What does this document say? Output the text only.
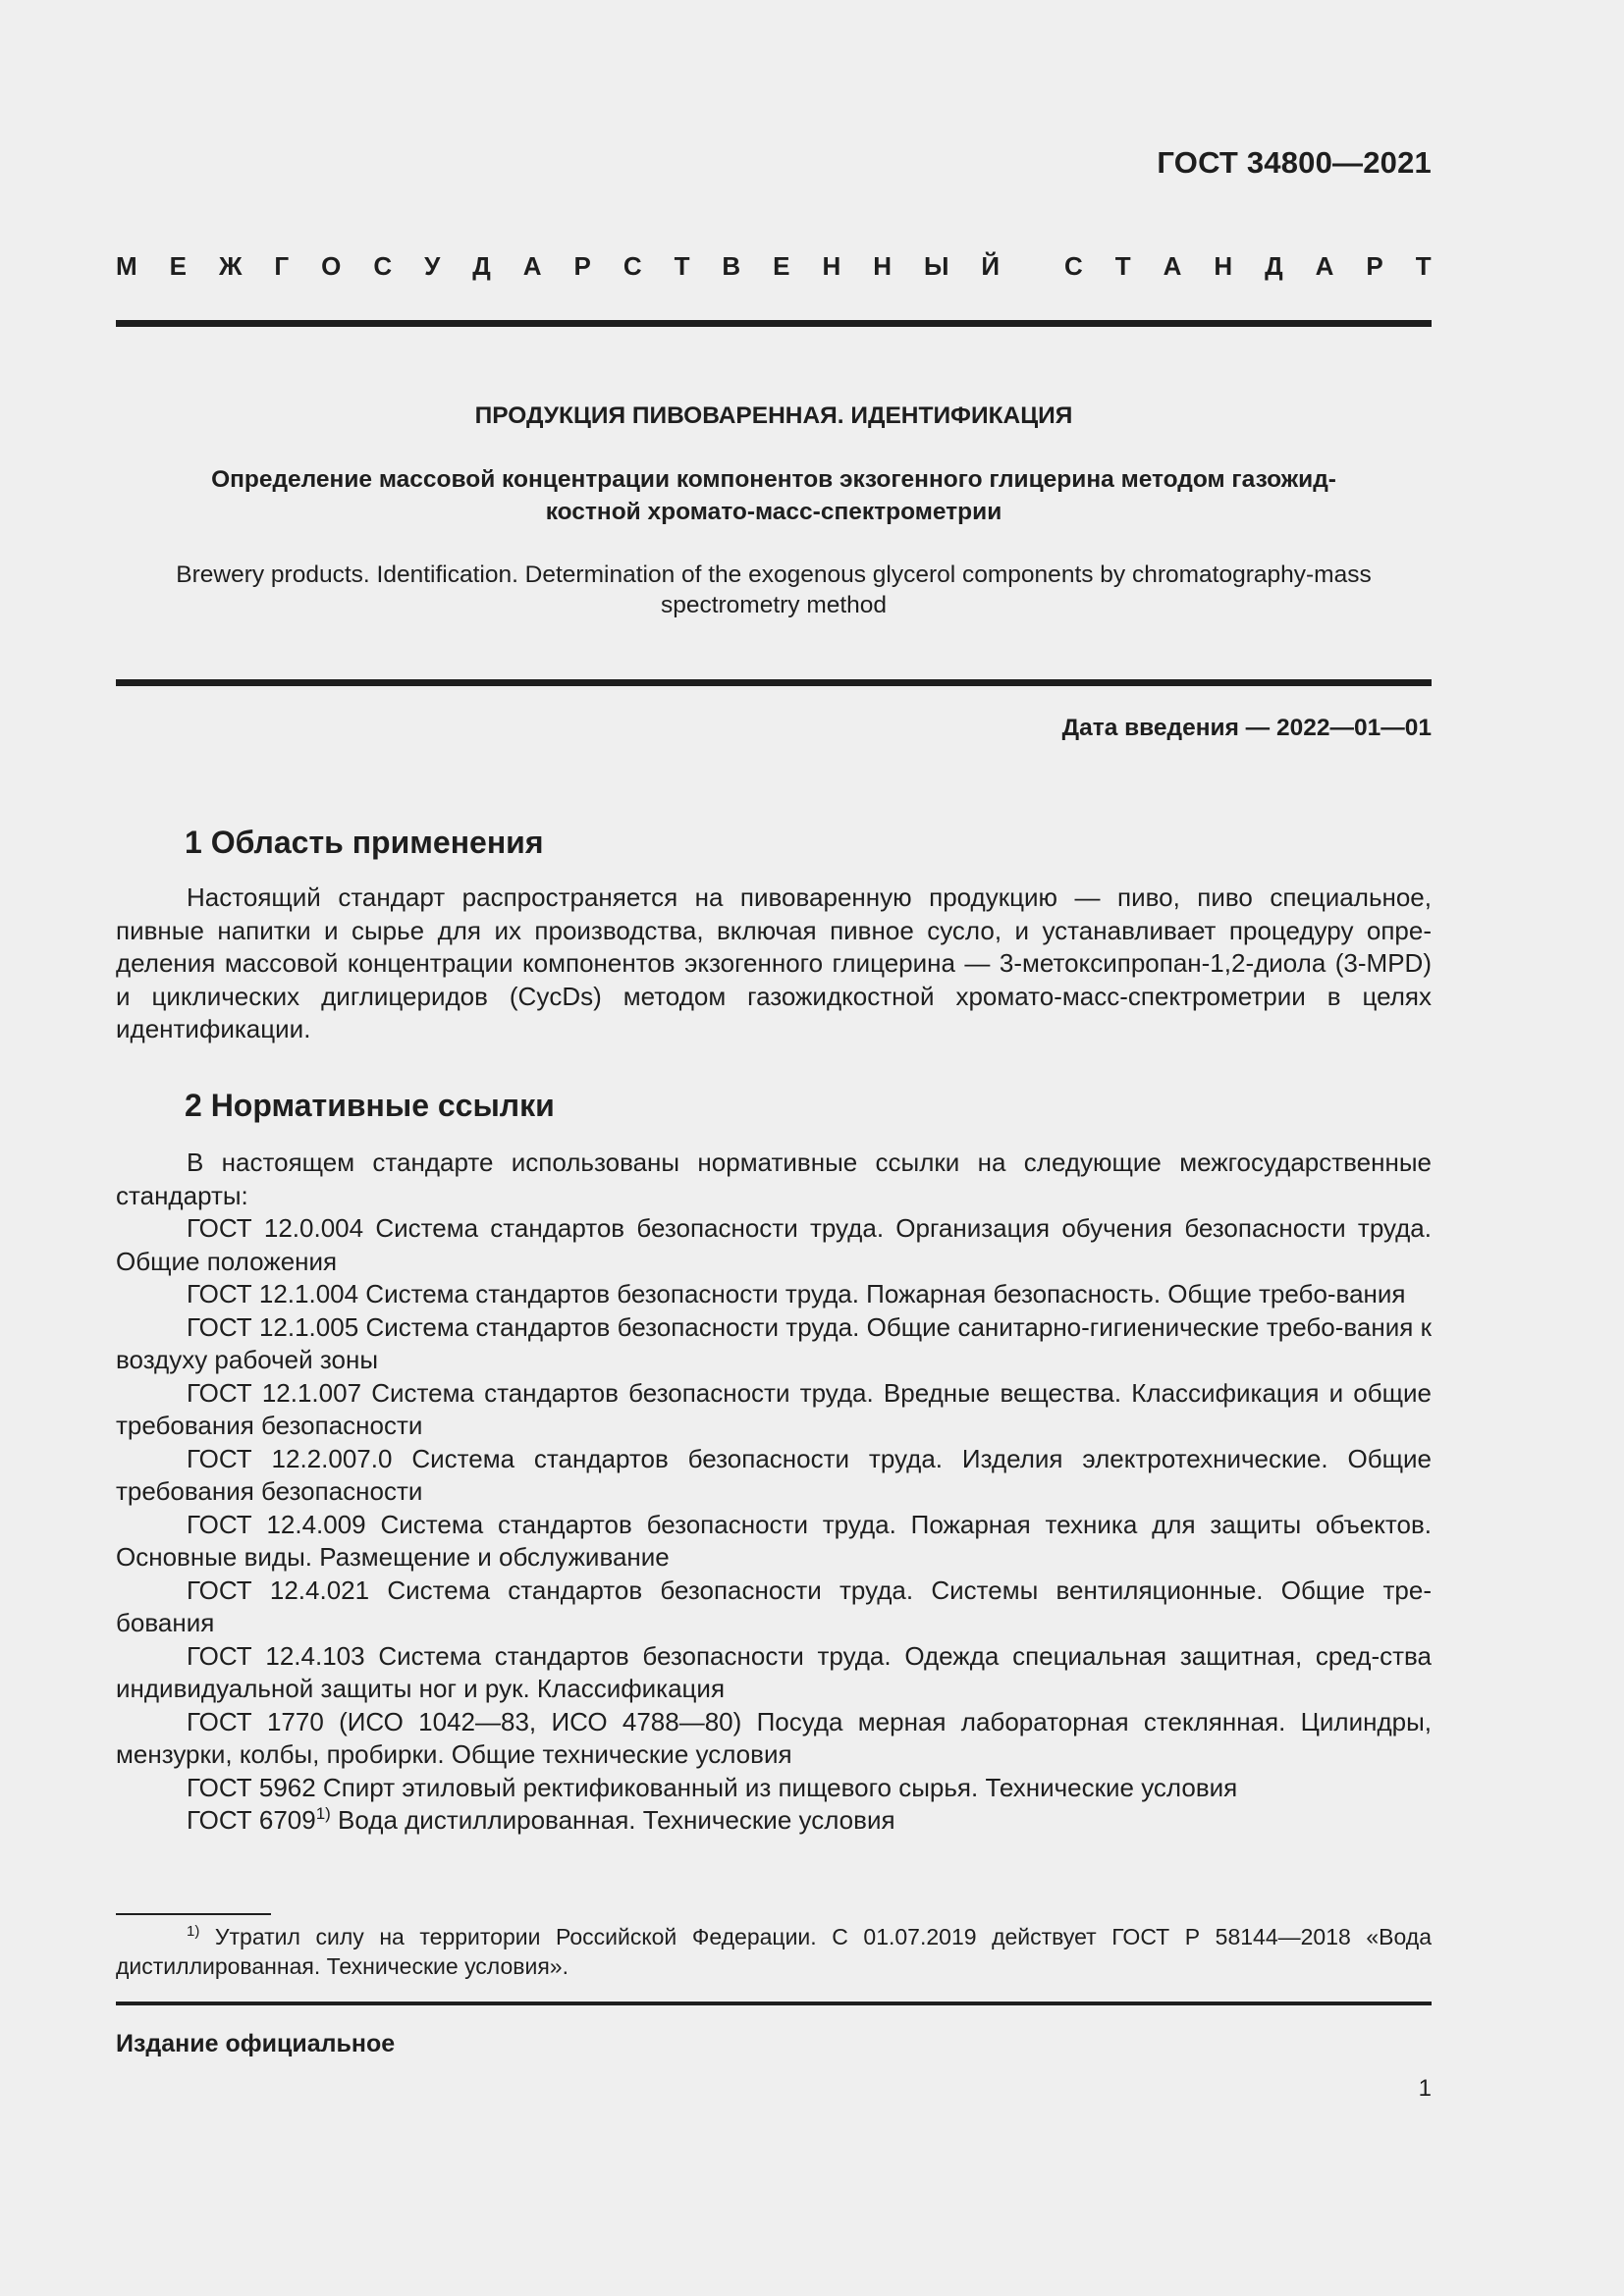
ГОСТ 34800—2021
М Е Ж Г О С У Д А Р С Т В Е Н Н Ы Й	С Т А Н Д А Р Т
ПРОДУКЦИЯ ПИВОВАРЕННАЯ. ИДЕНТИФИКАЦИЯ
Определение массовой концентрации компонентов экзогенного глицерина методом газожид-
костной хромато-масс-спектрометрии
Brewery products. Identification. Determination of the exogenous glycerol components by chromatography-mass
spectrometry method
Дата введения — 2022—01—01
1 Область применения

Настоящий стандарт распространяется на пивоваренную продукцию — пиво, пиво специальное, пивные напитки и сырье для их производства, включая пивное сусло, и устанавливает процедуру опре-деления массовой концентрации компонентов экзогенного глицерина — 3-метоксипропан-1,2-диола (3-MPD) и циклических диглицеридов (CycDs) методом газожидкостной хромато-масс-спектрометрии в целях идентификации.

2 Нормативные ссылки

В настоящем стандарте использованы нормативные ссылки на следующие межгосударственные стандарты:

ГОСТ 12.0.004 Система стандартов безопасности труда. Организация обучения безопасности труда. Общие положения

ГОСТ 12.1.004 Система стандартов безопасности труда. Пожарная безопасность. Общие требо-вания

ГОСТ 12.1.005 Система стандартов безопасности труда. Общие санитарно-гигиенические требо-вания к воздуху рабочей зоны

ГОСТ 12.1.007 Система стандартов безопасности труда. Вредные вещества. Классификация и общие требования безопасности

ГОСТ 12.2.007.0 Система стандартов безопасности труда. Изделия электротехнические. Общие требования безопасности

ГОСТ 12.4.009 Система стандартов безопасности труда. Пожарная техника для защиты объектов. Основные виды. Размещение и обслуживание

ГОСТ 12.4.021 Система стандартов безопасности труда. Системы вентиляционные. Общие тре-бования

ГОСТ 12.4.103 Система стандартов безопасности труда. Одежда специальная защитная, сред-ства индивидуальной защиты ног и рук. Классификация

ГОСТ 1770 (ИСО 1042—83, ИСО 4788—80) Посуда мерная лабораторная стеклянная. Цилиндры, мензурки, колбы, пробирки. Общие технические условия

ГОСТ 5962 Спирт этиловый ректификованный из пищевого сырья. Технические условия

ГОСТ 6709$^{1)}$ Вода дистиллированная. Технические условия

$^{1)}$ Утратил силу на территории Российской Федерации. С 01.07.2019 действует ГОСТ Р 58144—2018 «Вода дистиллированная. Технические условия».

Издание официальное
1
